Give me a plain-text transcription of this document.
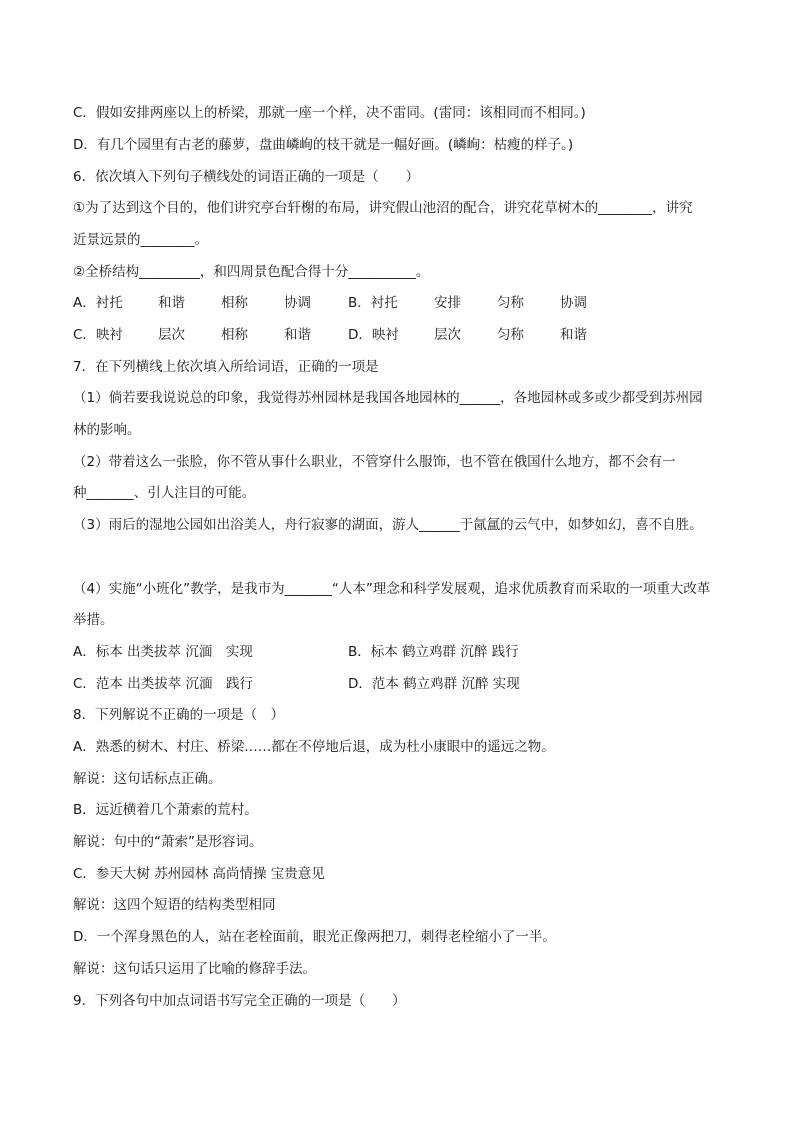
C．假如安排两座以上的桥梁，那就一座一个样，决不雷同。(雷同：该相同而不相同。)
D．有几个园里有古老的藤萝，盘曲嶙峋的枝干就是一幅好画。(嶙峋：枯瘦的样子。)
6．依次填入下列句子横线处的词语正确的一项是（　　）
①为了达到这个目的，他们讲究亭台轩榭的布局，讲究假山池沼的配合，讲究花草树木的________，讲究
近景远景的________。
②全桥结构_________，和四周景色配合得十分__________。
A．衬托	和谐	相称	协调	B．衬托	安排	匀称	协调
C．映衬	层次	相称	和谐	D．映衬	层次	匀称	和谐
7．在下列横线上依次填入所给词语，正确的一项是
（1）倘若要我说说总的印象，我觉得苏州园林是我国各地园林的______，各地园林或多或少都受到苏州园
林的影响。
（2）带着这么一张脸，你不管从事什么职业，不管穿什么服饰，也不管在俄国什么地方，都不会有一
种_______、引人注目的可能。
（3）雨后的湿地公园如出浴美人，舟行寂寥的湖面，游人______于氤氲的云气中，如梦如幻，喜不自胜。
（4）实施“小班化”教学，是我市为_______“人本”理念和科学发展观，追求优质教育而采取的一项重大改革
举措。
A．标本 出类拔萃 沉湎　实现	B．标本 鹤立鸡群 沉醉 践行
C．范本 出类拔萃 沉湎　践行	D．范本 鹤立鸡群 沉醉 实现
8．下列解说不正确的一项是（　）
A．熟悉的树木、村庄、桥梁……都在不停地后退，成为杜小康眼中的遥远之物。
解说：这句话标点正确。
B．远近横着几个萧索的荒村。
解说：句中的“萧索”是形容词。
C．参天大树 苏州园林 高尚情操 宝贵意见
解说：这四个短语的结构类型相同
D．一个浑身黑色的人，站在老栓面前，眼光正像两把刀，刺得老栓缩小了一半。
解说：这句话只运用了比喻的修辞手法。
9．下列各句中加点词语书写完全正确的一项是（　　）
